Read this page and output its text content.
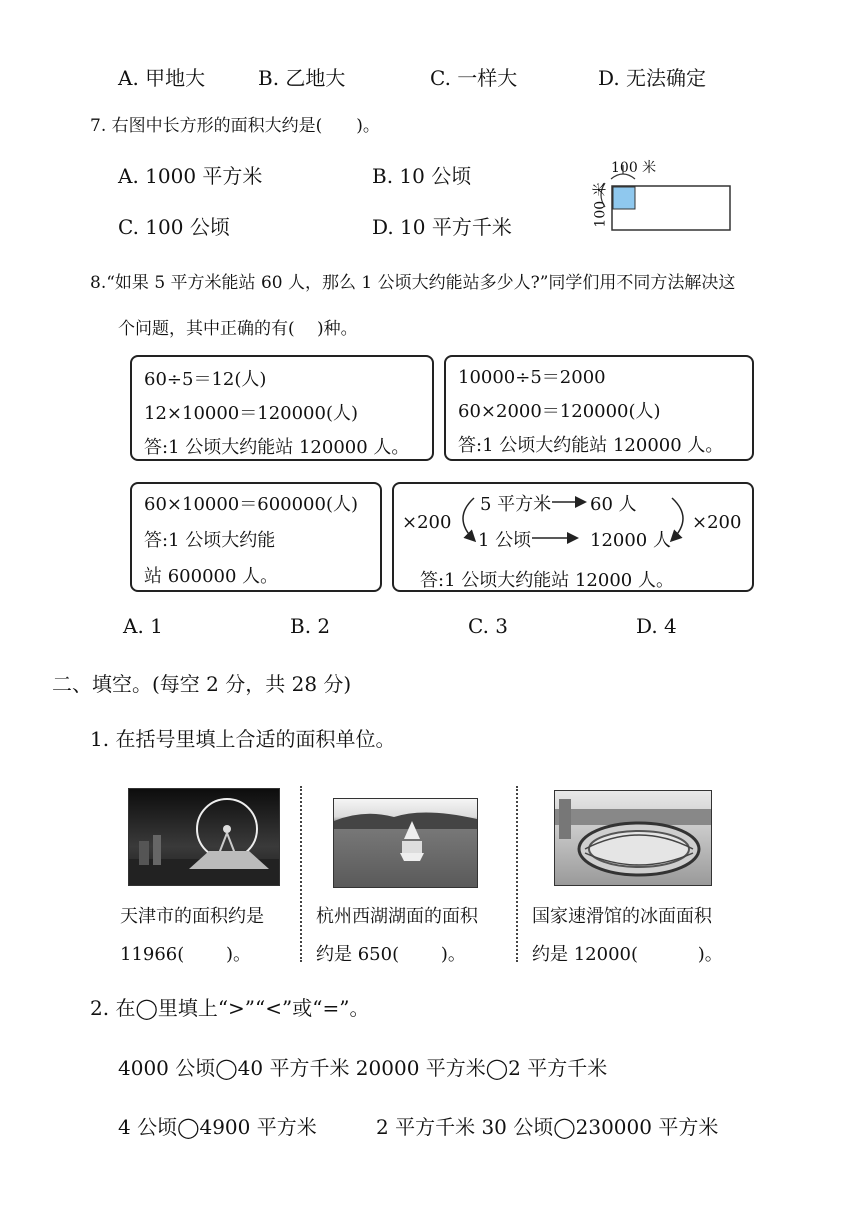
A. 甲地大	B. 乙地大	C. 一样大	D. 无法确定
7. 右图中长方形的面积大约是(　　)。
A. 1000 平方米	B. 10 公顷
C. 100 公顷	D. 10 平方千米
100 米
100 米
8.“如果 5 平方米能站 60 人，那么 1 公顷大约能站多少人?”同学们用不同方法解决这
个问题，其中正确的有(　 )种。
60÷5＝12(人)
12×10000＝120000(人)
答:1 公顷大约能站 120000 人。
10000÷5＝2000
60×2000＝120000(人)
答:1 公顷大约能站 120000 人。
60×10000＝600000(人)
答:1 公顷大约能
站 600000 人。
×200
5 平方米 60 人
1 公顷	12000 人
×200
答:1 公顷大约能站 12000 人。
A. 1	B. 2	C. 3	D. 4
二、填空。(每空 2 分，共 28 分)
1. 在括号里填上合适的面积单位。
天津市的面积约是
11966(　　 )。
杭州西湖湖面的面积
约是 650(　　 )。
国家速滑馆的冰面面积
约是 12000(　　　 )。
2. 在◯里填上“>”“<”或“=”。
4000 公顷◯40 平方千米 20000 平方米◯2 平方千米
4 公顷◯4900 平方米	2 平方千米 30 公顷◯230000 平方米
